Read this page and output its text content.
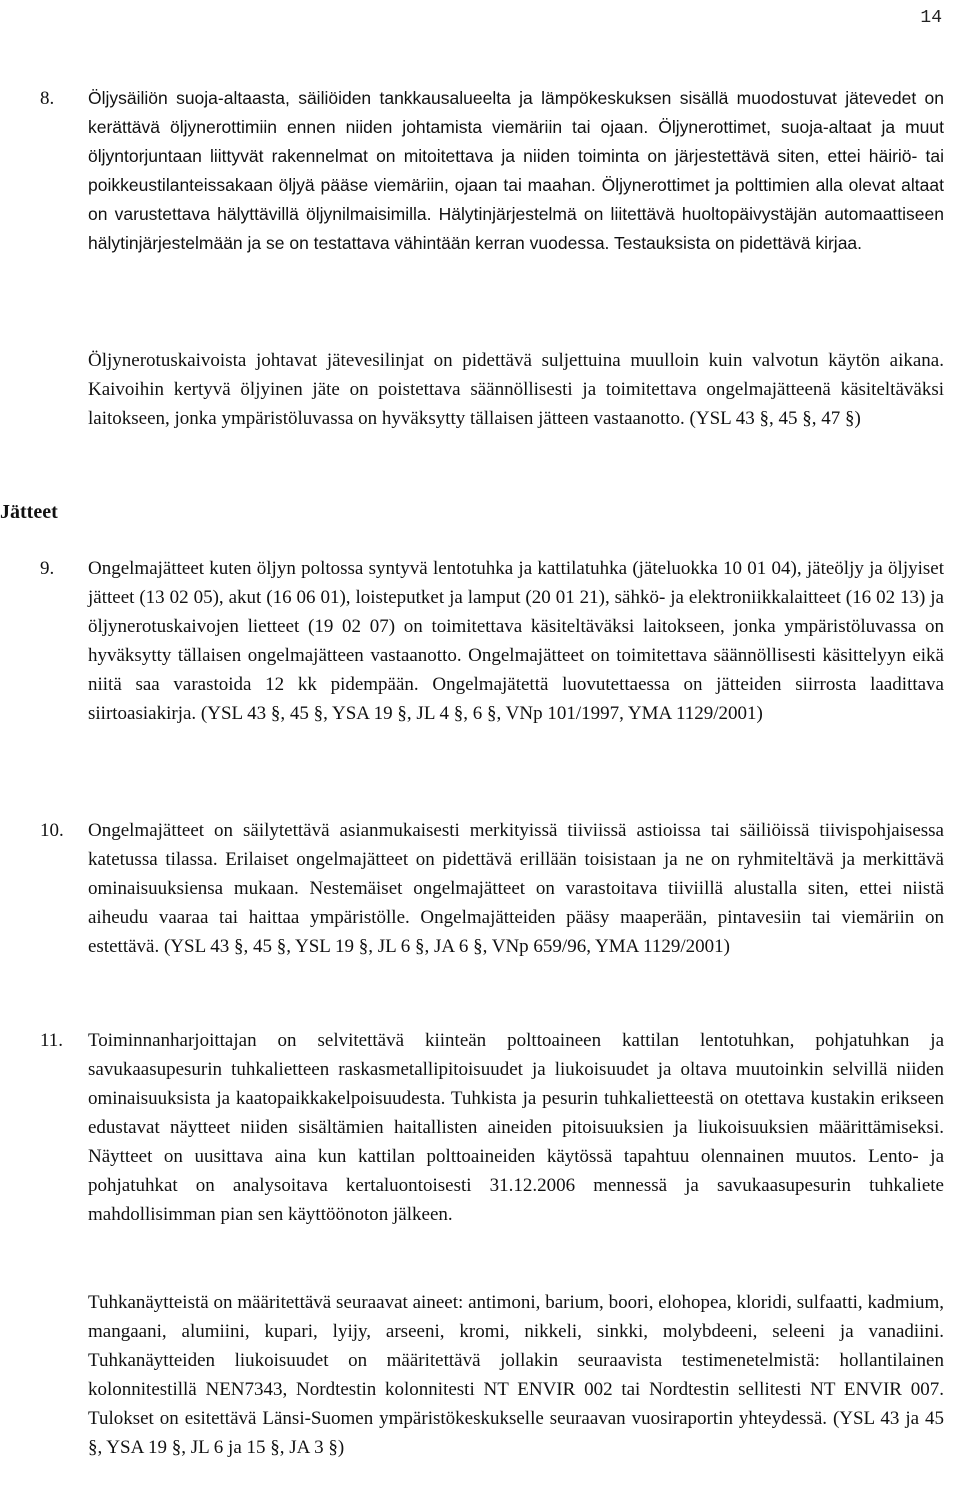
14
Jätteet
8.	Öljysäiliön suoja-altaasta, säiliöiden tankkausalueelta ja lämpökeskuksen sisällä muodostuvat jätevedet on kerättävä öljynerottimiin ennen niiden johtamista viemäriin tai ojaan. Öljynerottimet, suoja-altaat ja muut öljyntorjuntaan liittyvät rakennelmat on mitoitettava ja niiden toiminta on järjestettävä siten, ettei häiriö- tai poikkeustilanteissakaan öljyä pääse viemäriin, ojaan tai maahan. Öljynerottimet ja polttimien alla olevat altaat on varustettava hälyttävillä öljynilmaisimilla. Hälytinjärjestelmä on liitettävä huoltopäivystäjän automaattiseen hälytinjärjestelmään ja se on testattava vähintään kerran vuodessa. Testauksista on pidettävä kirjaa.

Öljynerotuskaivoista johtavat jätevesilinjat on pidettävä suljettuina muulloin kuin valvotun käytön aikana. Kaivoihin kertyvä öljyinen jäte on poistettava säännöllisesti ja toimitettava ongelmajätteenä käsiteltäväksi laitokseen, jonka ympäristöluvassa on hyväksytty tällaisen jätteen vastaanotto. (YSL 43 §, 45 §, 47 §)

9.	Ongelmajätteet kuten öljyn poltossa syntyvä lentotuhka ja kattilatuhka (jäteluokka 10 01 04), jäteöljy ja öljyiset jätteet (13 02 05), akut (16 06 01), loisteputket ja lamput (20 01 21), sähkö- ja elektroniikkalaitteet (16 02 13) ja öljynerotuskaivojen lietteet (19 02 07) on toimitettava käsiteltäväksi laitokseen, jonka ympäristöluvassa on hyväksytty tällaisen ongelmajätteen vastaanotto. Ongelmajätteet on toimitettava säännöllisesti käsittelyyn eikä niitä saa varastoida 12 kk pidempään. Ongelmajätettä luovutettaessa on jätteiden siirrosta laadittava siirtoasiakirja. (YSL 43 §, 45 §, YSA 19 §, JL 4 §, 6 §, VNp 101/1997, YMA 1129/2001)

10.	Ongelmajätteet on säilytettävä asianmukaisesti merkityissä tiiviissä astioissa tai säiliöissä tiivispohjaisessa katetussa tilassa. Erilaiset ongelmajätteet on pidettävä erillään toisistaan ja ne on ryhmiteltävä ja merkittävä ominaisuuksiensa mukaan. Nestemäiset ongelmajätteet on varastoitava tiiviillä alustalla siten, ettei niistä aiheudu vaaraa tai haittaa ympäristölle. Ongelmajätteiden pääsy maaperään, pintavesiin tai viemäriin on estettävä. (YSL 43 §, 45 §, YSL 19 §, JL 6 §, JA 6 §, VNp 659/96, YMA 1129/2001)

11.	Toiminnanharjoittajan on selvitettävä kiinteän polttoaineen kattilan lentotuhkan, pohjatuhkan ja savukaasupesurin tuhkalietteen raskasmetallipitoisuudet ja liukoisuudet ja oltava muutoinkin selvillä niiden ominaisuuksista ja kaatopaikkakelpoisuudesta. Tuhkista ja pesurin tuhkalietteestä on otettava kustakin erikseen edustavat näytteet niiden sisältämien haitallisten aineiden pitoisuuksien ja liukoisuuksien määrittämiseksi. Näytteet on uusittava aina kun kattilan polttoaineiden käytössä tapahtuu olennainen muutos. Lento- ja pohjatuhkat on analysoitava kertaluontoisesti 31.12.2006 mennessä ja savukaasupesurin tuhkaliete mahdollisimman pian sen käyttöönoton jälkeen.

Tuhkanäytteistä on määritettävä seuraavat aineet: antimoni, barium, boori, elohopea, kloridi, sulfaatti, kadmium, mangaani, alumiini, kupari, lyijy, arseeni, kromi, nikkeli, sinkki, molybdeeni, seleeni ja vanadiini. Tuhkanäytteiden liukoisuudet on määritettävä jollakin seuraavista testimenetelmistä: hollantilainen kolonnitestillä NEN7343, Nordtestin kolonnitesti NT ENVIR 002 tai Nordtestin sellitesti NT ENVIR 007. Tulokset on esitettävä Länsi-Suomen ympäristökeskukselle seuraavan vuosiraportin yhteydessä. (YSL 43 ja 45 §, YSA 19 §, JL 6 ja 15 §, JA 3 §)
